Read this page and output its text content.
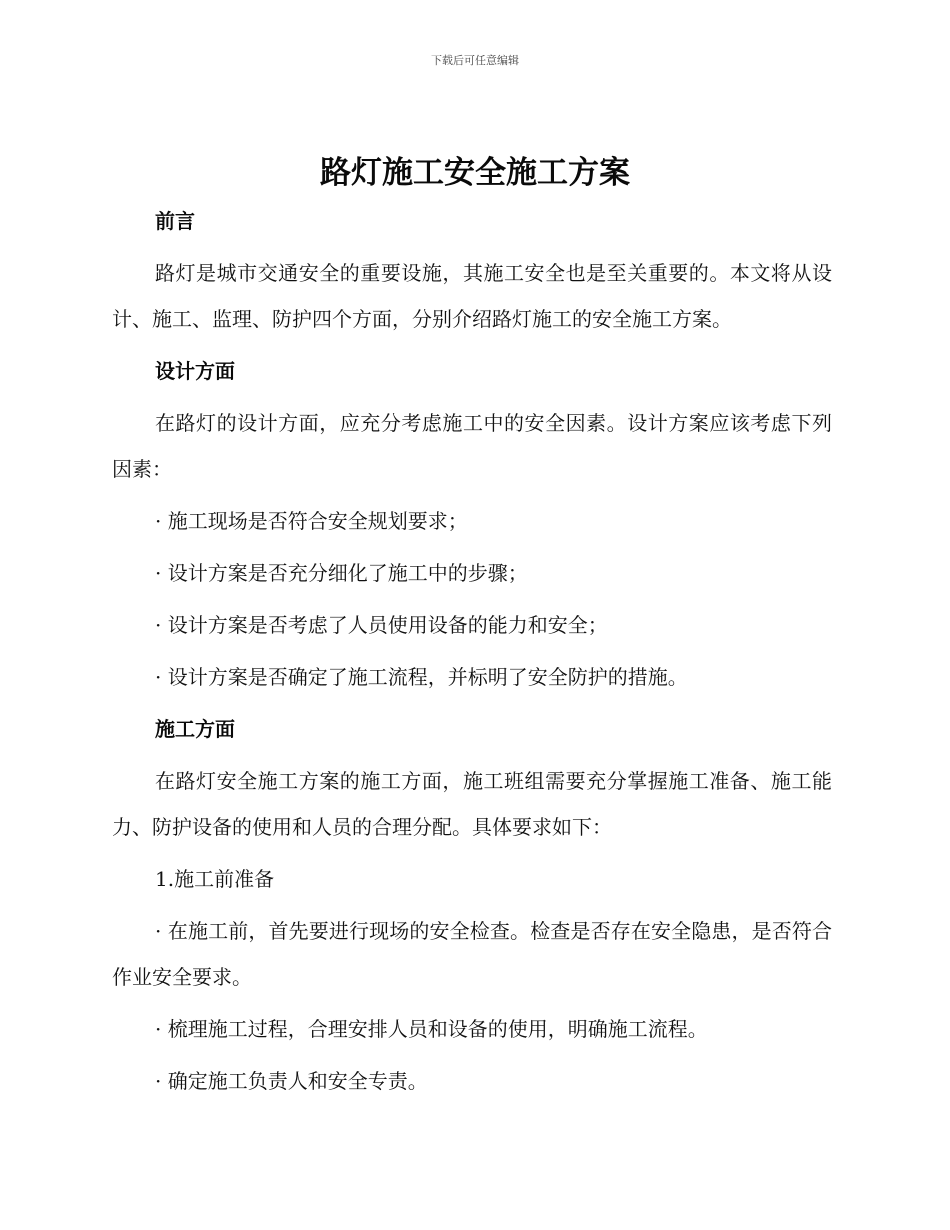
下载后可任意编辑
路灯施工安全施工方案
前言
路灯是城市交通安全的重要设施，其施工安全也是至关重要的。本文将从设计、施工、监理、防护四个方面，分别介绍路灯施工的安全施工方案。
设计方面
在路灯的设计方面，应充分考虑施工中的安全因素。设计方案应该考虑下列因素：
· 施工现场是否符合安全规划要求；
· 设计方案是否充分细化了施工中的步骤；
· 设计方案是否考虑了人员使用设备的能力和安全；
· 设计方案是否确定了施工流程，并标明了安全防护的措施。
施工方面
在路灯安全施工方案的施工方面，施工班组需要充分掌握施工准备、施工能力、防护设备的使用和人员的合理分配。具体要求如下：
1.施工前准备
· 在施工前，首先要进行现场的安全检查。检查是否存在安全隐患，是否符合作业安全要求。
· 梳理施工过程，合理安排人员和设备的使用，明确施工流程。
· 确定施工负责人和安全专责。
